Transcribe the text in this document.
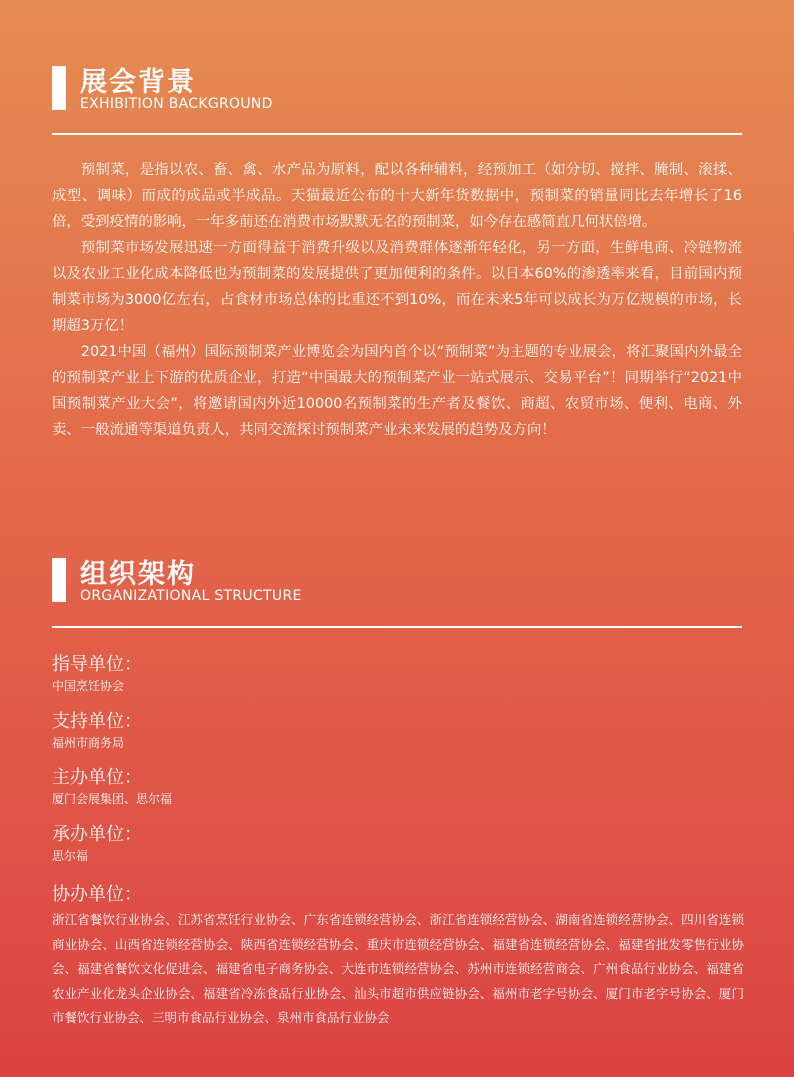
展会背景
EXHIBITION BACKGROUND

预制菜，是指以农、畜、禽、水产品为原料，配以各种辅料，经预加工（如分切、搅拌、腌制、滚揉、成型、调味）而成的成品或半成品。天猫最近公布的十大新年货数据中，预制菜的销量同比去年增长了16倍，受到疫情的影响，一年多前还在消费市场默默无名的预制菜，如今存在感简直几何状倍增。

预制菜市场发展迅速一方面得益于消费升级以及消费群体逐渐年轻化，另一方面，生鲜电商、冷链物流以及农业工业化成本降低也为预制菜的发展提供了更加便利的条件。以日本60%的渗透率来看，目前国内预制菜市场为3000亿左右，占食材市场总体的比重还不到10%，而在未来5年可以成长为万亿规模的市场，长期超3万亿！

2021中国（福州）国际预制菜产业博览会为国内首个以“预制菜”为主题的专业展会，将汇聚国内外最全的预制菜产业上下游的优质企业，打造“中国最大的预制菜产业一站式展示、交易平台”！同期举行“2021中国预制菜产业大会”，将邀请国内外近10000名预制菜的生产者及餐饮、商超、农贸市场、便利、电商、外卖、一般流通等渠道负责人，共同交流探讨预制菜产业未来发展的趋势及方向！

组织架构
ORGANIZATIONAL STRUCTURE
指导单位：
中国烹饪协会
支持单位：
福州市商务局
主办单位：
厦门会展集团、思尔福
承办单位：
思尔福
协办单位：
浙江省餐饮行业协会、江苏省烹饪行业协会、广东省连锁经营协会、浙江省连锁经营协会、湖南省连锁经营协会、四川省连锁商业协会、山西省连锁经营协会、陕西省连锁经营协会、重庆市连锁经营协会、福建省连锁经营协会、福建省批发零售行业协会、福建省餐饮文化促进会、福建省电子商务协会、大连市连锁经营协会、苏州市连锁经营商会、广州食品行业协会、福建省农业产业化龙头企业协会、福建省冷冻食品行业协会、汕头市超市供应链协会、福州市老字号协会、厦门市老字号协会、厦门市餐饮行业协会、三明市食品行业协会、泉州市食品行业协会
